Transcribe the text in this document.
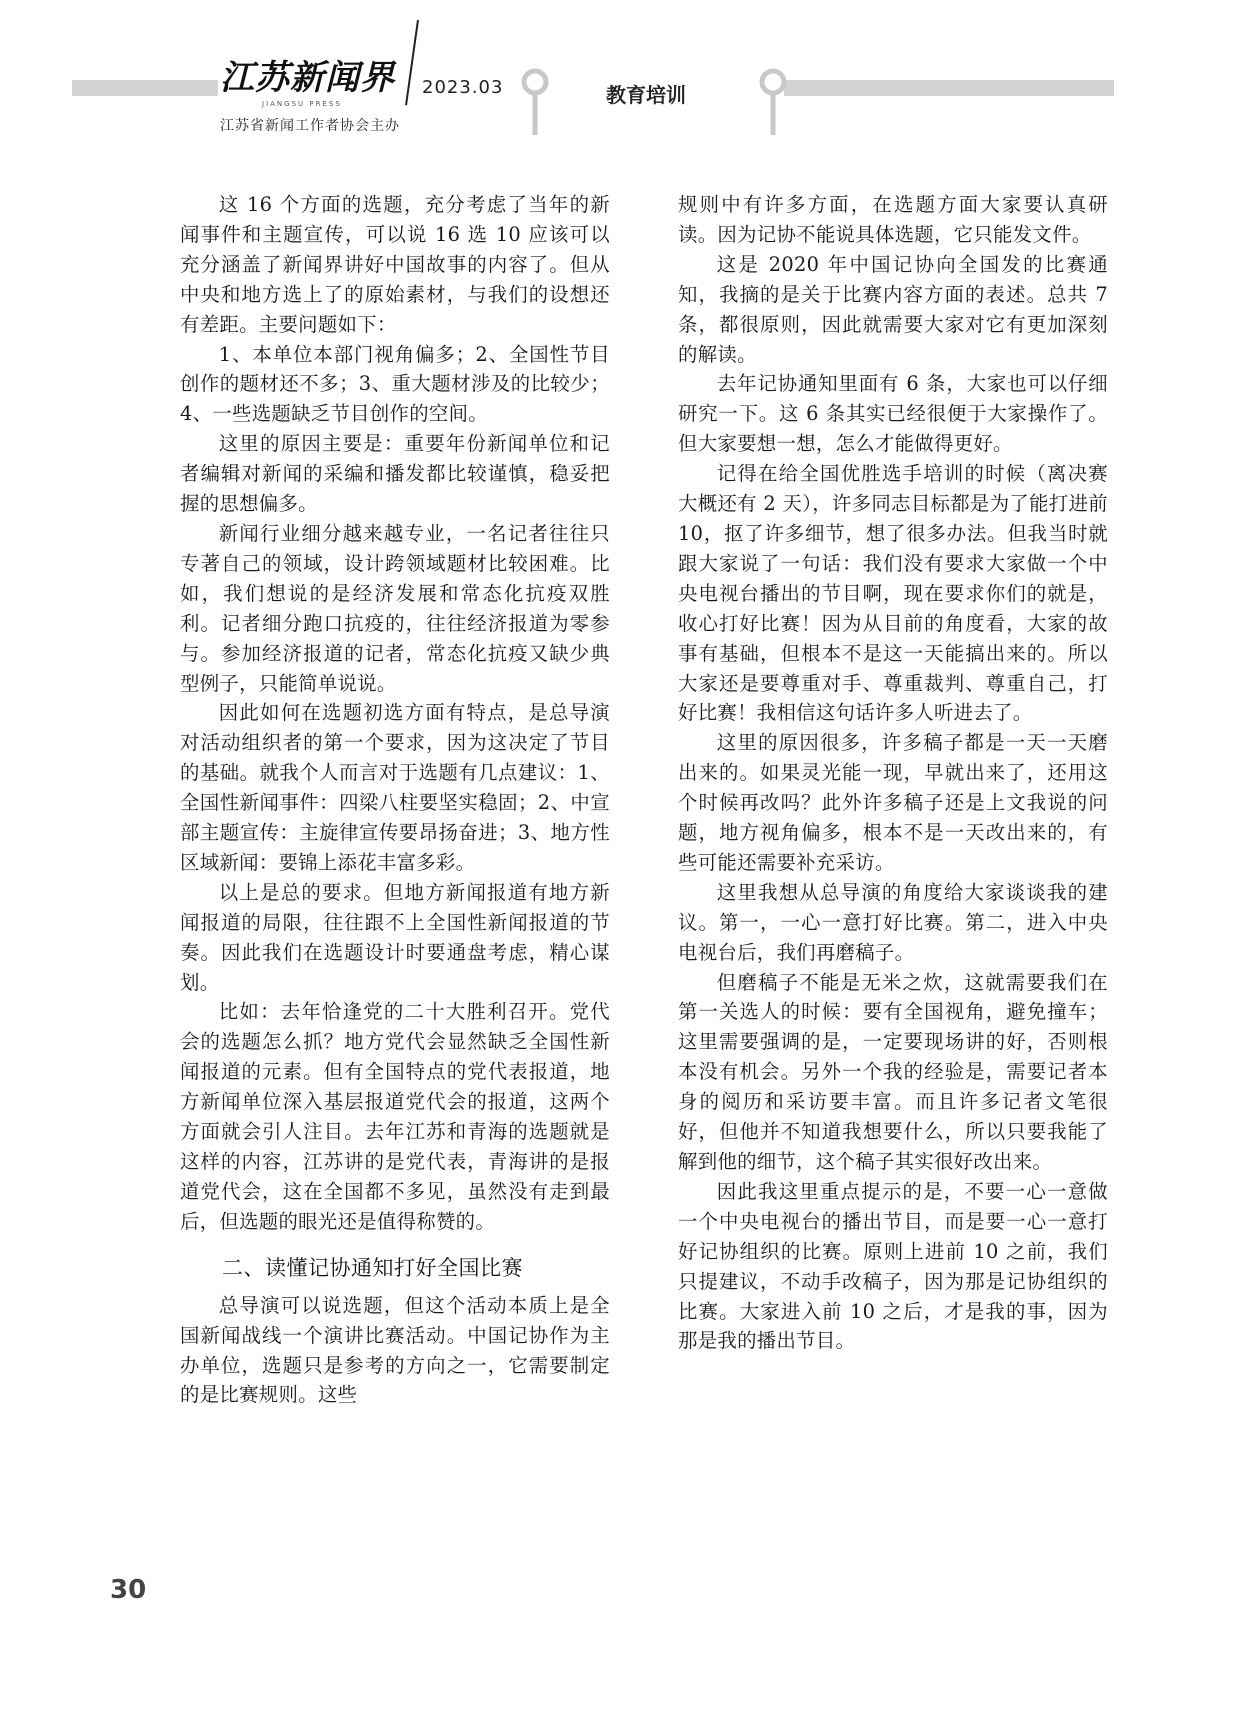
江苏新闻界
JIANGSU PRESS
江苏省新闻工作者协会主办
2023.03	教育培训

这 16 个方面的选题，充分考虑了当年的新闻事件和主题宣传，可以说 16 选 10 应该可以充分涵盖了新闻界讲好中国故事的内容了。但从中央和地方选上了的原始素材，与我们的设想还有差距。主要问题如下：

1、本单位本部门视角偏多；2、全国性节目创作的题材还不多；3、重大题材涉及的比较少；4、一些选题缺乏节目创作的空间。

这里的原因主要是：重要年份新闻单位和记者编辑对新闻的采编和播发都比较谨慎，稳妥把握的思想偏多。

新闻行业细分越来越专业，一名记者往往只专著自己的领域，设计跨领域题材比较困难。比如，我们想说的是经济发展和常态化抗疫双胜利。记者细分跑口抗疫的，往往经济报道为零参与。参加经济报道的记者，常态化抗疫又缺少典型例子，只能简单说说。

因此如何在选题初选方面有特点，是总导演对活动组织者的第一个要求，因为这决定了节目的基础。就我个人而言对于选题有几点建议：1、全国性新闻事件：四梁八柱要坚实稳固；2、中宣部主题宣传：主旋律宣传要昂扬奋进；3、地方性区域新闻：要锦上添花丰富多彩。

以上是总的要求。但地方新闻报道有地方新闻报道的局限，往往跟不上全国性新闻报道的节奏。因此我们在选题设计时要通盘考虑，精心谋划。

比如：去年恰逢党的二十大胜利召开。党代会的选题怎么抓？地方党代会显然缺乏全国性新闻报道的元素。但有全国特点的党代表报道，地方新闻单位深入基层报道党代会的报道，这两个方面就会引人注目。去年江苏和青海的选题就是这样的内容，江苏讲的是党代表，青海讲的是报道党代会，这在全国都不多见，虽然没有走到最后，但选题的眼光还是值得称赞的。

二、读懂记协通知打好全国比赛

总导演可以说选题，但这个活动本质上是全国新闻战线一个演讲比赛活动。中国记协作为主办单位，选题只是参考的方向之一，它需要制定的是比赛规则。这些

规则中有许多方面，在选题方面大家要认真研读。因为记协不能说具体选题，它只能发文件。

这是 2020 年中国记协向全国发的比赛通知，我摘的是关于比赛内容方面的表述。总共 7 条，都很原则，因此就需要大家对它有更加深刻的解读。

去年记协通知里面有 6 条，大家也可以仔细研究一下。这 6 条其实已经很便于大家操作了。但大家要想一想，怎么才能做得更好。

记得在给全国优胜选手培训的时候（离决赛大概还有 2 天），许多同志目标都是为了能打进前 10，抠了许多细节，想了很多办法。但我当时就跟大家说了一句话：我们没有要求大家做一个中央电视台播出的节目啊，现在要求你们的就是，收心打好比赛！因为从目前的角度看，大家的故事有基础，但根本不是这一天能搞出来的。所以大家还是要尊重对手、尊重裁判、尊重自己，打好比赛！我相信这句话许多人听进去了。

这里的原因很多，许多稿子都是一天一天磨出来的。如果灵光能一现，早就出来了，还用这个时候再改吗？此外许多稿子还是上文我说的问题，地方视角偏多，根本不是一天改出来的，有些可能还需要补充采访。

这里我想从总导演的角度给大家谈谈我的建议。第一，一心一意打好比赛。第二，进入中央电视台后，我们再磨稿子。

但磨稿子不能是无米之炊，这就需要我们在第一关选人的时候：要有全国视角，避免撞车；这里需要强调的是，一定要现场讲的好，否则根本没有机会。另外一个我的经验是，需要记者本身的阅历和采访要丰富。而且许多记者文笔很好，但他并不知道我想要什么，所以只要我能了解到他的细节，这个稿子其实很好改出来。

因此我这里重点提示的是，不要一心一意做一个中央电视台的播出节目，而是要一心一意打好记协组织的比赛。原则上进前 10 之前，我们只提建议，不动手改稿子，因为那是记协组织的比赛。大家进入前 10 之后，才是我的事，因为那是我的播出节目。

30
